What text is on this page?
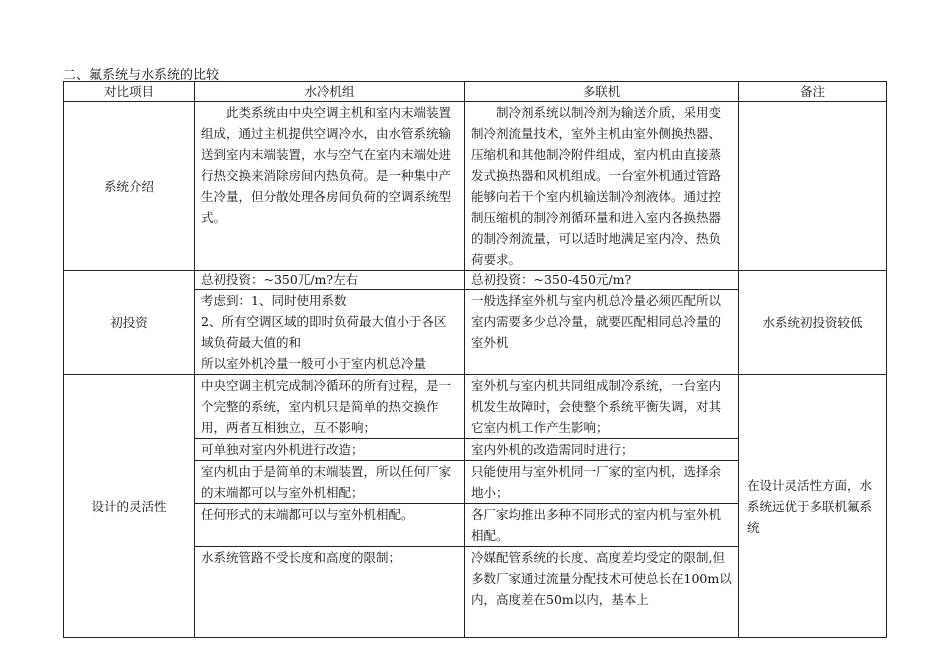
二、氟系统与水系统的比较
对比项目	水冷机组	多联机	备注
系统介绍	此类系统由中央空调主机和室内末端装置组成，通过主机提供空调冷水，由水管系统输送到室内末端装置，水与空气在室内末端处进行热交换来消除房间内热负荷。是一种集中产生冷量，但分散处理各房间负荷的空调系统型式。	制冷剂系统以制冷剂为输送介质，采用变制冷剂流量技术，室外主机由室外侧换热器、压缩机和其他制冷附件组成，室内机由直接蒸发式换热器和风机组成。一台室外机通过管路能够向若干个室内机输送制冷剂液体。通过控制压缩机的制冷剂循环量和进入室内各换热器的制冷剂流量，可以适时地满足室内冷、热负荷要求。	
初投资	总初投资：~350兀/m?左右	总初投资：~350-450元/m?	水系统初投资较低

	考虑到：1、同时使用系数
2、所有空调区域的即时负荷最大值小于各区域负荷最大值的和
所以室外机冷量一般可小于室内机总冷量	一般选择室外机与室内机总冷量必须匹配所以室内需要多少总冷量，就要匹配相同总冷量的室外机	
设计的灵活性	中央空调主机完成制冷循环的所有过程，是一个完整的系统，室内机只是简单的热交换作用，两者互相独立，互不影响；	室外机与室内机共同组成制冷系统，一台室内机发生故障时，会使整个系统平衡失调，对其它室内机工作产生影响；	在设计灵活性方面，水系统远优于多联机氟系统
	可单独对室内外机进行改造；	室内外机的改造需同时进行；	
	室内机由于是简单的末端装置，所以任何厂家的末端都可以与室外机相配；	只能使用与室外机同一厂家的室内机，选择余地小；	
	任何形式的末端都可以与室外机相配。	各厂家均推出多种不同形式的室内机与室外机相配。	
	水系统管路不受长度和高度的限制；	冷媒配管系统的长度、高度差均受定的限制,但多数厂家通过流量分配技术可使总长在100m以内，高度差在50m以内，基本上	
